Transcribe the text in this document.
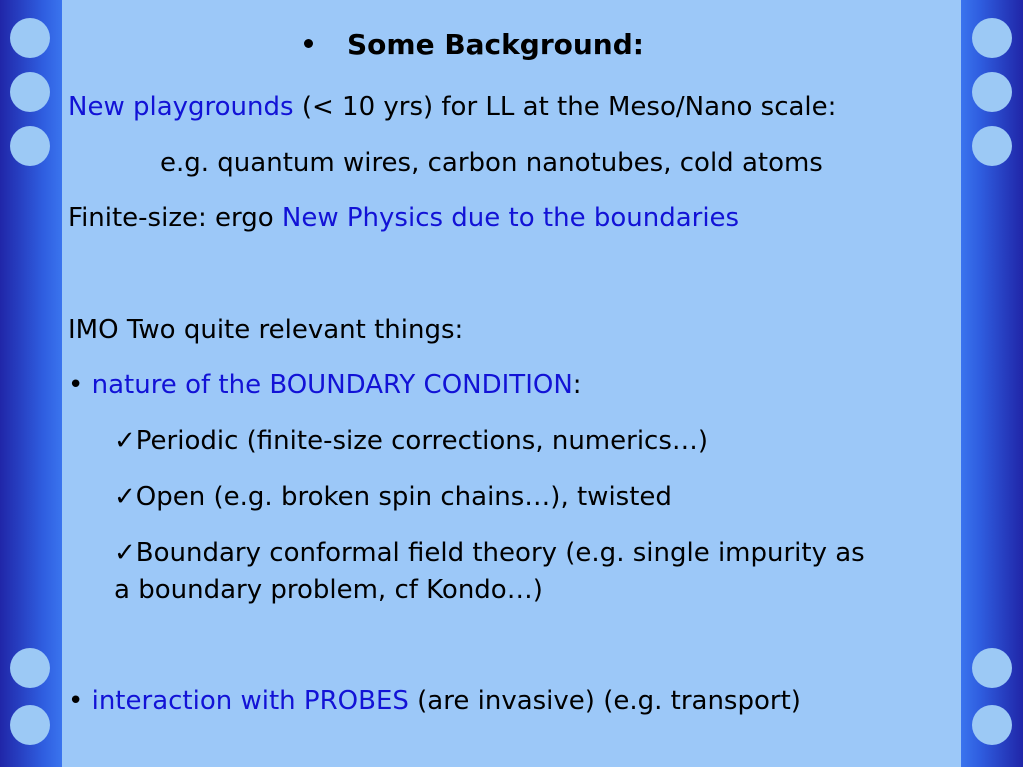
Some Background:
New playgrounds (< 10 yrs) for LL at the Meso/Nano scale:
e.g. quantum wires, carbon nanotubes, cold atoms
Finite-size: ergo New Physics due to the boundaries
IMO Two quite relevant things:
• nature of the BOUNDARY CONDITION:
✓Periodic (finite-size corrections, numerics…)
✓Open (e.g. broken spin chains…), twisted
✓Boundary conformal field theory (e.g. single impurity as
a boundary problem, cf Kondo…)
• interaction with PROBES (are invasive) (e.g. transport)
